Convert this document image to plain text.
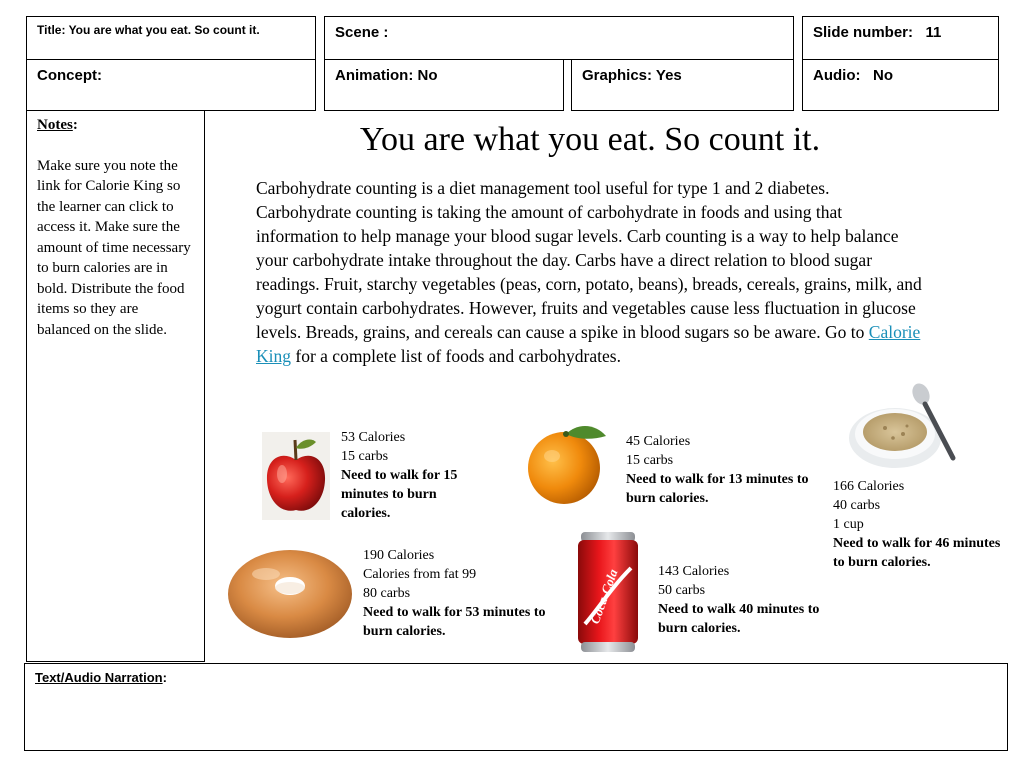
Title: You are what you eat. So count it.	Scene :	Slide number: 11
Concept:	Animation: No	Graphics: Yes	Audio: No
Notes:
Make sure you note the link for Calorie King so the learner can click to access it. Make sure the amount of time necessary to burn calories are in bold. Distribute the food items so they are balanced on the slide.
You are what you eat. So count it.
Carbohydrate counting is a diet management tool useful for type 1 and 2 diabetes. Carbohydrate counting is taking the amount of carbohydrate in foods and using that information to help manage your blood sugar levels. Carb counting is a way to help balance your carbohydrate intake throughout the day. Carbs have a direct relation to blood sugar readings. Fruit, starchy vegetables (peas, corn, potato, beans), breads, cereals, grains, milk, and yogurt contain carbohydrates. However, fruits and vegetables cause less fluctuation in glucose levels. Breads, grains, and cereals can cause a spike in blood sugars so be aware. Go to Calorie King for a complete list of foods and carbohydrates.
53 Calories
15 carbs
Need to walk for 15 minutes to burn calories.
45 Calories
15 carbs
Need to walk for 13 minutes to burn calories.
166 Calories
40 carbs
1 cup
Need to walk for 46 minutes to burn calories.
190 Calories
Calories from fat 99
80 carbs
Need to walk for 53 minutes to burn calories.
Coca-Cola	143 Calories
50 carbs
Need to walk 40 minutes to burn calories.
Text/Audio Narration:
